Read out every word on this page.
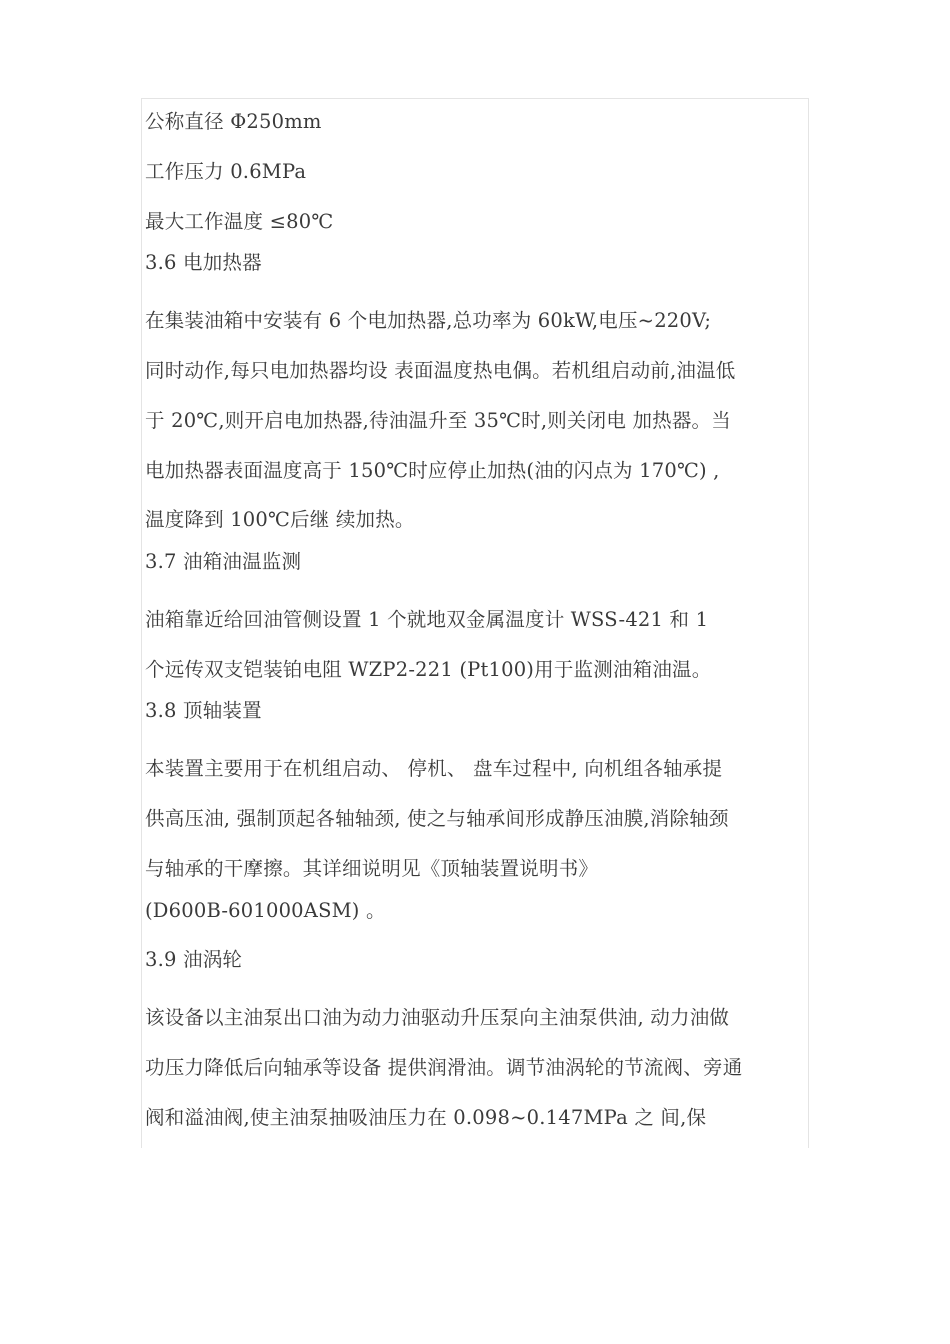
公称直径 Φ250mm
工作压力 0.6MPa
最大工作温度 ≤80℃
3.6 电加热器
在集装油箱中安装有 6 个电加热器,总功率为 60kW,电压~220V;
同时动作,每只电加热器均设 表面温度热电偶。若机组启动前,油温低
于 20℃,则开启电加热器,待油温升至 35℃时,则关闭电 加热器。当
电加热器表面温度高于 150℃时应停止加热(油的闪点为 170℃) ,
温度降到 100℃后继 续加热。
3.7 油箱油温监测
油箱靠近给回油管侧设置 1 个就地双金属温度计 WSS-421 和 1
个远传双支铠装铂电阻 WZP2-221 (Pt100)用于监测油箱油温。
3.8 顶轴装置
本装置主要用于在机组启动、 停机、 盘车过程中, 向机组各轴承提
供高压油, 强制顶起各轴轴颈, 使之与轴承间形成静压油膜,消除轴颈
与轴承的干摩擦。其详细说明见《顶轴装置说明书》
(D600B-601000ASM) 。
3.9 油涡轮
该设备以主油泵出口油为动力油驱动升压泵向主油泵供油, 动力油做
功压力降低后向轴承等设备 提供润滑油。调节油涡轮的节流阀、旁通
阀和溢油阀,使主油泵抽吸油压力在 0.098~0.147MPa 之 间,保
